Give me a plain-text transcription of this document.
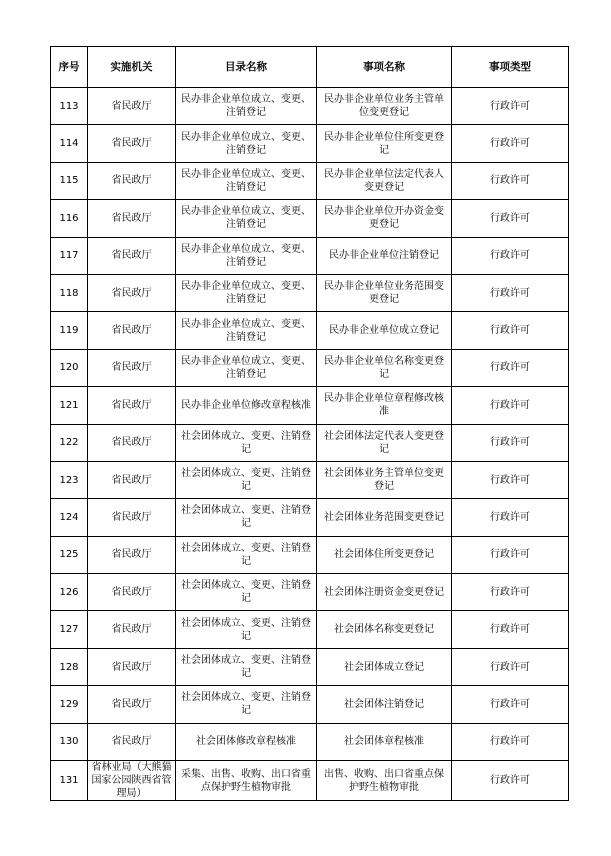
序号	实施机关	目录名称	事项名称	事项类型
113	省民政厅	民办非企业单位成立、变更、注销登记	民办非企业单位业务主管单位变更登记	行政许可
114	省民政厅	民办非企业单位成立、变更、注销登记	民办非企业单位住所变更登记	行政许可
115	省民政厅	民办非企业单位成立、变更、注销登记	民办非企业单位法定代表人变更登记	行政许可
116	省民政厅	民办非企业单位成立、变更、注销登记	民办非企业单位开办资金变更登记	行政许可
117	省民政厅	民办非企业单位成立、变更、注销登记	民办非企业单位注销登记	行政许可
118	省民政厅	民办非企业单位成立、变更、注销登记	民办非企业单位业务范围变更登记	行政许可
119	省民政厅	民办非企业单位成立、变更、注销登记	民办非企业单位成立登记	行政许可
120	省民政厅	民办非企业单位成立、变更、注销登记	民办非企业单位名称变更登记	行政许可
121	省民政厅	民办非企业单位修改章程核准	民办非企业单位章程修改核准	行政许可
122	省民政厅	社会团体成立、变更、注销登记	社会团体法定代表人变更登记	行政许可
123	省民政厅	社会团体成立、变更、注销登记	社会团体业务主管单位变更登记	行政许可
124	省民政厅	社会团体成立、变更、注销登记	社会团体业务范围变更登记	行政许可
125	省民政厅	社会团体成立、变更、注销登记	社会团体住所变更登记	行政许可
126	省民政厅	社会团体成立、变更、注销登记	社会团体注册资金变更登记	行政许可
127	省民政厅	社会团体成立、变更、注销登记	社会团体名称变更登记	行政许可
128	省民政厅	社会团体成立、变更、注销登记	社会团体成立登记	行政许可
129	省民政厅	社会团体成立、变更、注销登记	社会团体注销登记	行政许可
130	省民政厅	社会团体修改章程核准	社会团体章程核准	行政许可
131	省林业局（大熊猫国家公园陕西省管理局）	采集、出售、收购、出口省重点保护野生植物审批	出售、收购、出口省重点保护野生植物审批	行政许可
